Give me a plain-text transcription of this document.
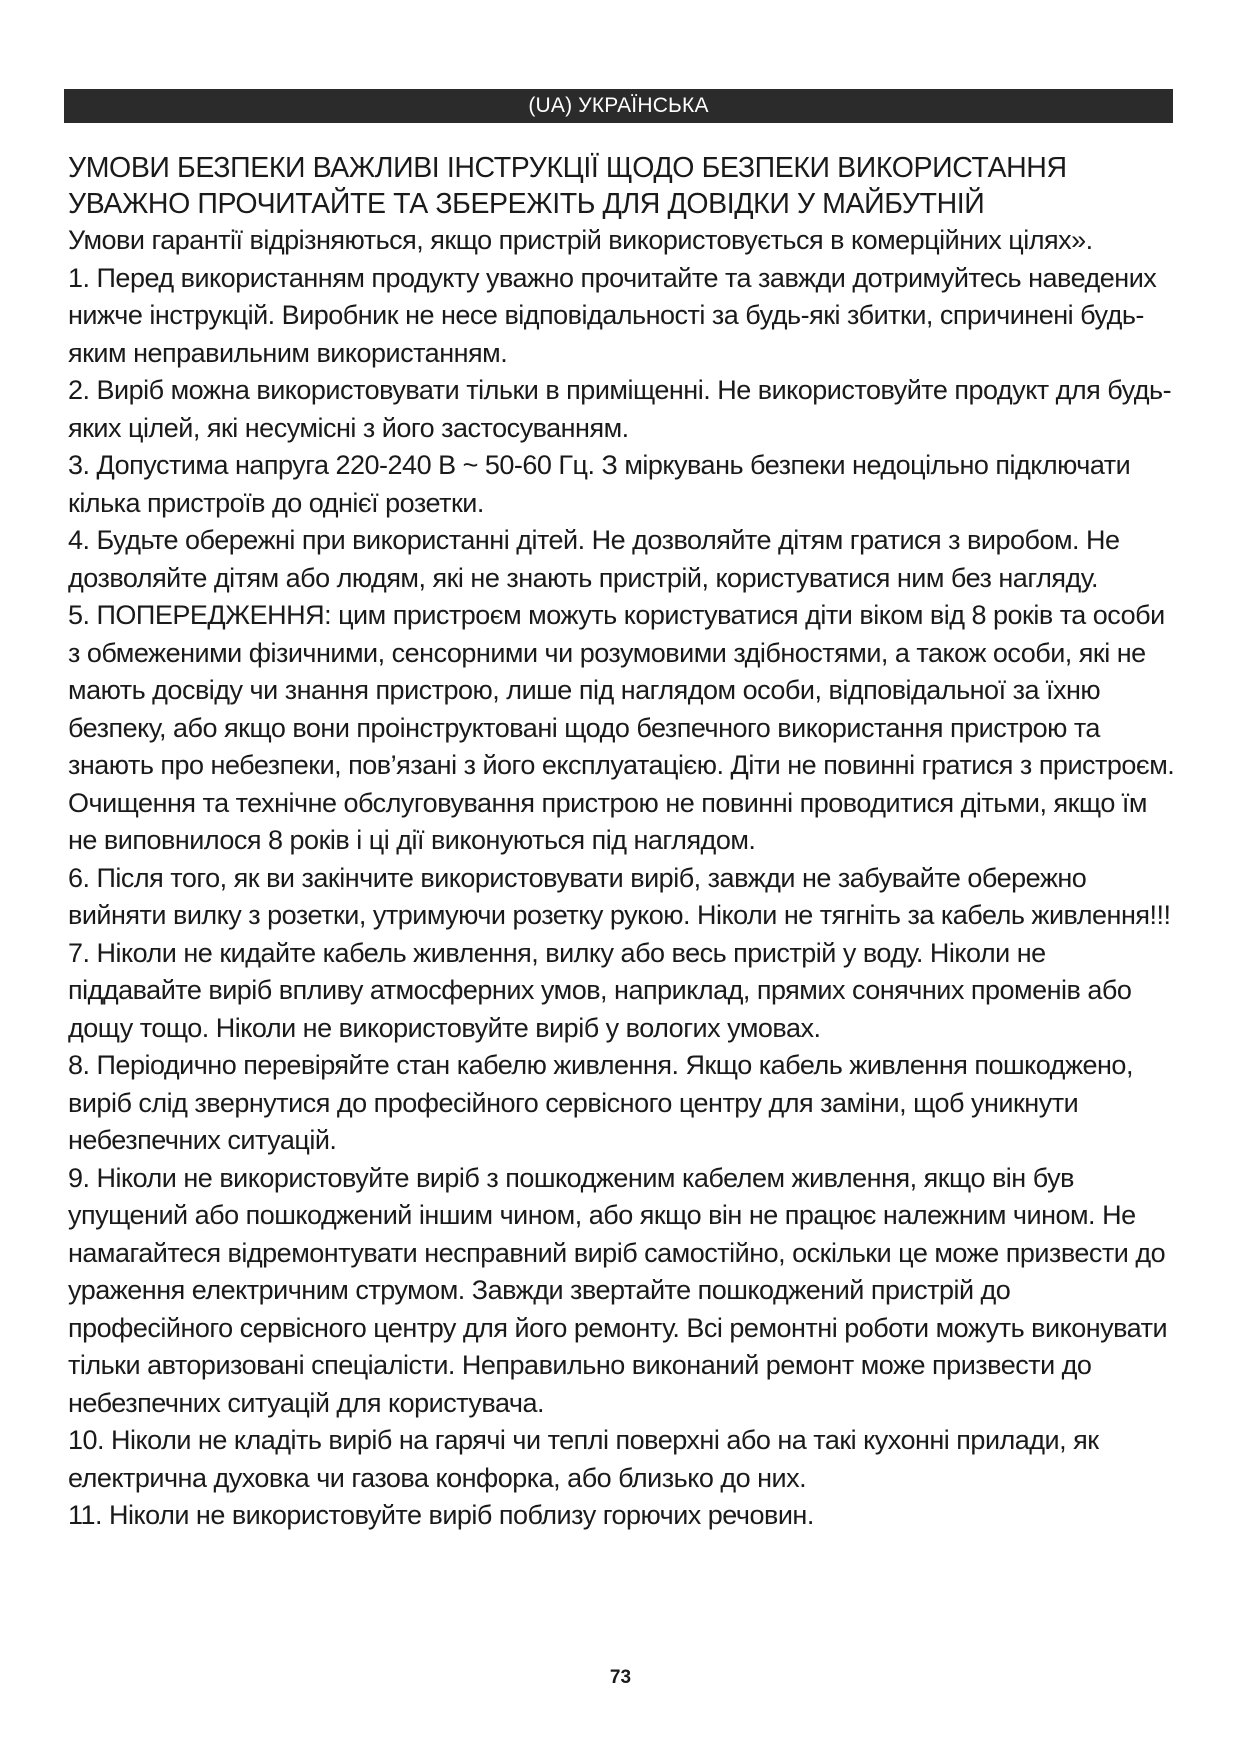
(UA) УКРАЇНСЬКА
УМОВИ БЕЗПЕКИ ВАЖЛИВІ ІНСТРУКЦІЇ ЩОДО БЕЗПЕКИ ВИКОРИСТАННЯ
УВАЖНО ПРОЧИТАЙТЕ ТА ЗБЕРЕЖІТЬ ДЛЯ ДОВІДКИ У МАЙБУТНІЙ

Умови гарантії відрізняються, якщо пристрій використовується в комерційних цілях».

1. Перед використанням продукту уважно прочитайте та завжди дотримуйтесь наведених нижче інструкцій. Виробник не несе відповідальності за будь-які збитки, спричинені будь-яким неправильним використанням.

2. Виріб можна використовувати тільки в приміщенні. Не використовуйте продукт для будь-яких цілей, які несумісні з його застосуванням.

3. Допустима напруга 220-240 В ~ 50-60 Гц. З міркувань безпеки недоцільно підключати кілька пристроїв до однієї розетки.

4. Будьте обережні при використанні дітей. Не дозволяйте дітям гратися з виробом. Не дозволяйте дітям або людям, які не знають пристрій, користуватися ним без нагляду.

5. ПОПЕРЕДЖЕННЯ: цим пристроєм можуть користуватися діти віком від 8 років та особи з обмеженими фізичними, сенсорними чи розумовими здібностями, а також особи, які не мають досвіду чи знання пристрою, лише під наглядом особи, відповідальної за їхню безпеку, або якщо вони проінструктовані щодо безпечного використання пристрою та знають про небезпеки, пов’язані з його експлуатацією. Діти не повинні гратися з пристроєм. Очищення та технічне обслуговування пристрою не повинні проводитися дітьми, якщо їм не виповнилося 8 років і ці дії виконуються під наглядом.

6. Після того, як ви закінчите використовувати виріб, завжди не забувайте обережно вийняти вилку з розетки, утримуючи розетку рукою. Ніколи не тягніть за кабель живлення!!!

7. Ніколи не кидайте кабель живлення, вилку або весь пристрій у воду. Ніколи не піддавайте виріб впливу атмосферних умов, наприклад, прямих сонячних променів або дощу тощо. Ніколи не використовуйте виріб у вологих умовах.

8. Періодично перевіряйте стан кабелю живлення. Якщо кабель живлення пошкоджено, виріб слід звернутися до професійного сервісного центру для заміни, щоб уникнути небезпечних ситуацій.

9. Ніколи не використовуйте виріб з пошкодженим кабелем живлення, якщо він був упущений або пошкоджений іншим чином, або якщо він не працює належним чином. Не намагайтеся відремонтувати несправний виріб самостійно, оскільки це може призвести до ураження електричним струмом. Завжди звертайте пошкоджений пристрій до професійного сервісного центру для його ремонту. Всі ремонтні роботи можуть виконувати тільки авторизовані спеціалісти. Неправильно виконаний ремонт може призвести до небезпечних ситуацій для користувача.

10. Ніколи не кладіть виріб на гарячі чи теплі поверхні або на такі кухонні прилади, як електрична духовка чи газова конфорка, або близько до них.

11. Ніколи не використовуйте виріб поблизу горючих речовин.

73
